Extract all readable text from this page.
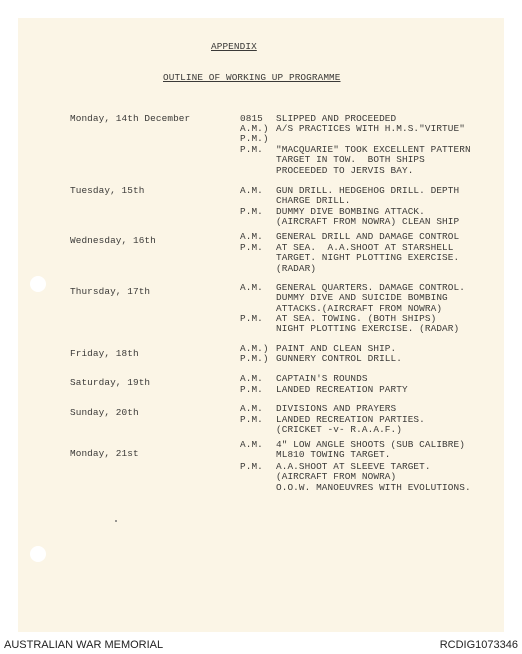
APPENDIX
OUTLINE OF WORKING UP PROGRAMME
Monday, 14th December	0815	SLIPPED AND PROCEEDED
A.M.) A/S PRACTICES WITH H.M.S."VIRTUE"
P.M.)
P.M.	"MACQUARIE" TOOK EXCELLENT PATTERN
TARGET IN TOW.  BOTH SHIPS
PROCEEDED TO JERVIS BAY.
Tuesday, 15th	A.M.	GUN DRILL. HEDGEHOG DRILL. DEPTH
CHARGE DRILL.
P.M.	DUMMY DIVE BOMBING ATTACK.
(AIRCRAFT FROM NOWRA) CLEAN SHIP
Wednesday, 16th	A.M.	GENERAL DRILL AND DAMAGE CONTROL
P.M.	AT SEA.  A.A.SHOOT AT STARSHELL
TARGET. NIGHT PLOTTING EXERCISE.
(RADAR)
Thursday, 17th	A.M.	GENERAL QUARTERS. DAMAGE CONTROL.
DUMMY DIVE AND SUICIDE BOMBING
ATTACKS.(AIRCRAFT FROM NOWRA)
P.M.	AT SEA. TOWING. (BOTH SHIPS)
NIGHT PLOTTING EXERCISE. (RADAR)
Friday, 18th	A.M.) PAINT AND CLEAN SHIP.
P.M.) GUNNERY CONTROL DRILL.
Saturday, 19th	A.M.	CAPTAIN'S ROUNDS
P.M.	LANDED RECREATION PARTY
Sunday, 20th	A.M.	DIVISIONS AND PRAYERS
P.M.	LANDED RECREATION PARTIES.
(CRICKET -v- R.A.A.F.)
Monday, 21st
A.M.	4" LOW ANGLE SHOOTS (SUB CALIBRE)
ML810 TOWING TARGET.
P.M.	A.A.SHOOT AT SLEEVE TARGET.
(AIRCRAFT FROM NOWRA)
O.O.W. MANOEUVRES WITH EVOLUTIONS.
AUSTRALIAN WAR MEMORIAL	RCDIG1073346
